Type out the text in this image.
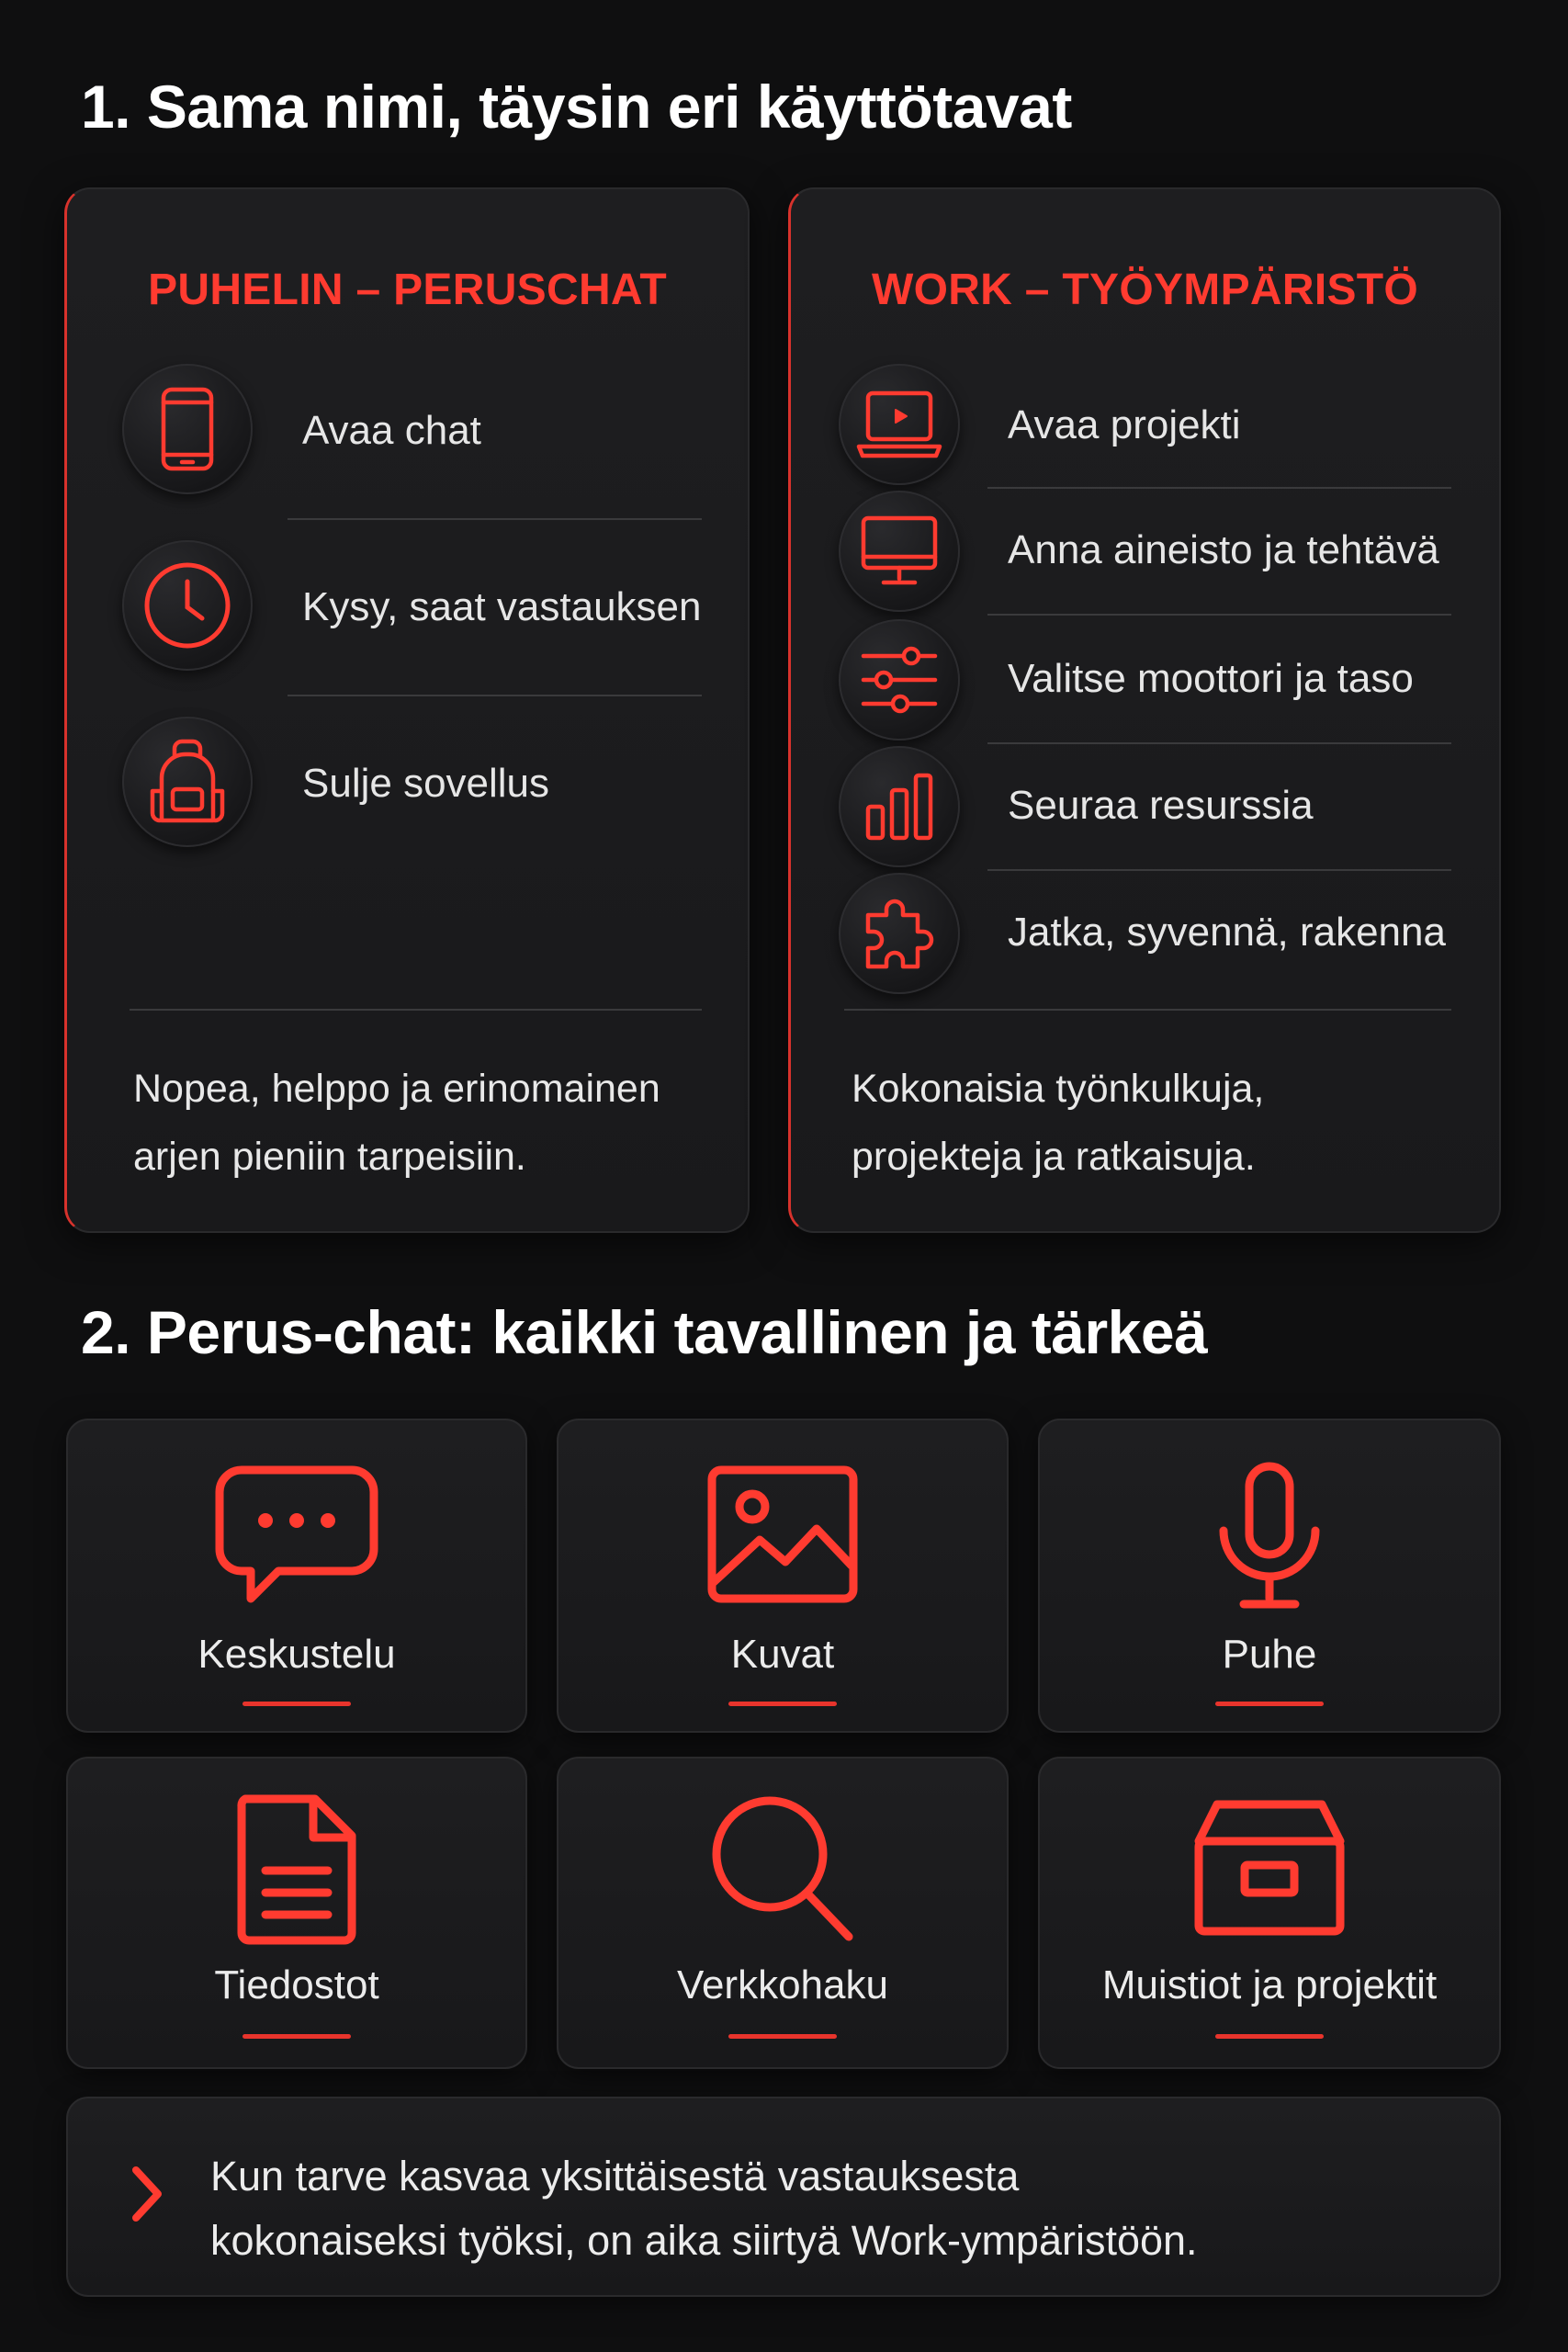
1. Sama nimi, täysin eri käyttötavat
PUHELIN – PERUSCHAT
Avaa chat
Kysy, saat vastauksen
Sulje sovellus
Nopea, helppo ja erinomainen
arjen pieniin tarpeisiin.
WORK – TYÖYMPÄRISTÖ
Avaa projekti
Anna aineisto ja tehtävä
Valitse moottori ja taso
Seuraa resurssia
Jatka, syvennä, rakenna
Kokonaisia työnkulkuja,
projekteja ja ratkaisuja.
2. Perus-chat: kaikki tavallinen ja tärkeä
Keskustelu	Kuvat	Puhe
Tiedostot	Verkkohaku	Muistiot ja projektit
Kun tarve kasvaa yksittäisestä vastauksesta
kokonaiseksi työksi, on aika siirtyä Work-ympäristöön.
